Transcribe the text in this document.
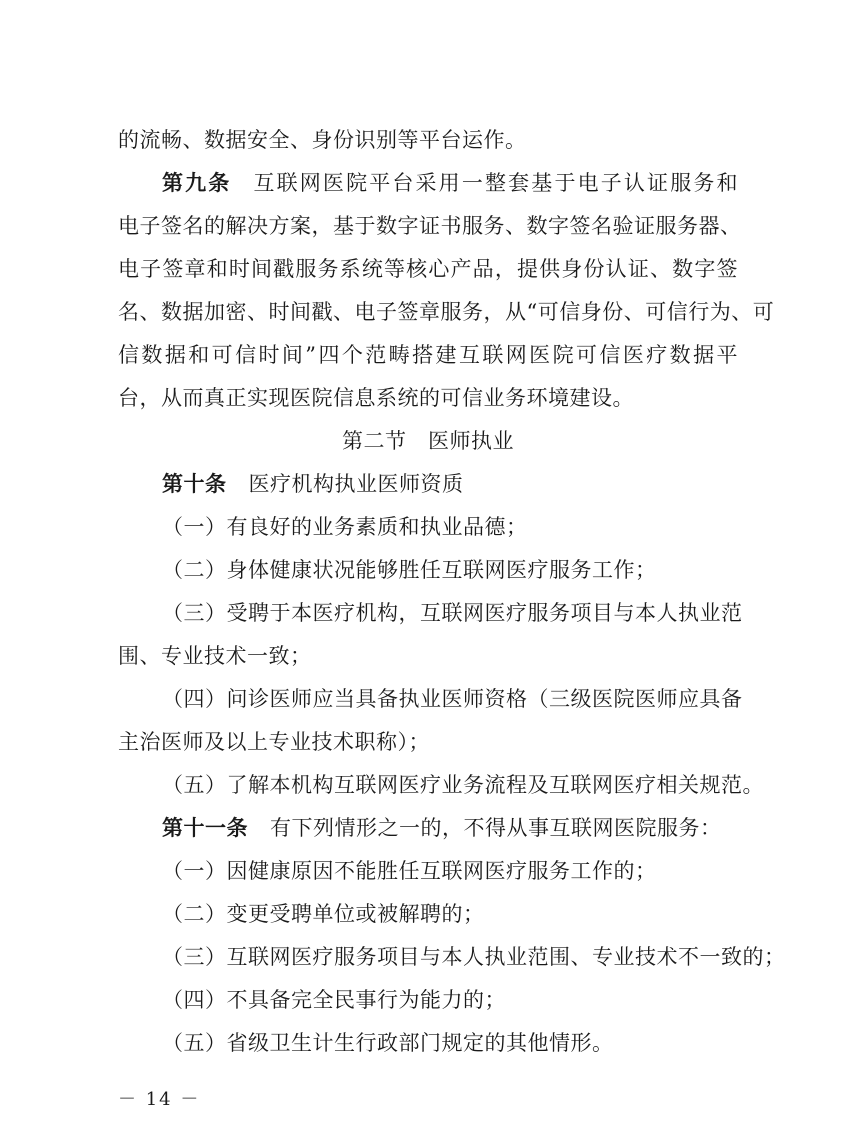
的流畅、数据安全、身份识别等平台运作。
第九条 互联网医院平台采用一整套基于电子认证服务和
电子签名的解决方案，基于数字证书服务、数字签名验证服务器、
电子签章和时间戳服务系统等核心产品，提供身份认证、数字签
名、数据加密、时间戳、电子签章服务，从“可信身份、可信行为、可
信数据和可信时间”四个范畴搭建互联网医院可信医疗数据平
台，从而真正实现医院信息系统的可信业务环境建设。
第二节　医师执业
第十条 医疗机构执业医师资质
（一）有良好的业务素质和执业品德；
（二）身体健康状况能够胜任互联网医疗服务工作；
（三）受聘于本医疗机构，互联网医疗服务项目与本人执业范
围、专业技术一致；
（四）问诊医师应当具备执业医师资格（三级医院医师应具备
主治医师及以上专业技术职称）；
（五）了解本机构互联网医疗业务流程及互联网医疗相关规范。
第十一条 有下列情形之一的，不得从事互联网医院服务：
（一）因健康原因不能胜任互联网医疗服务工作的；
（二）变更受聘单位或被解聘的；
（三）互联网医疗服务项目与本人执业范围、专业技术不一致的；
（四）不具备完全民事行为能力的；
（五）省级卫生计生行政部门规定的其他情形。
－ 14 －
